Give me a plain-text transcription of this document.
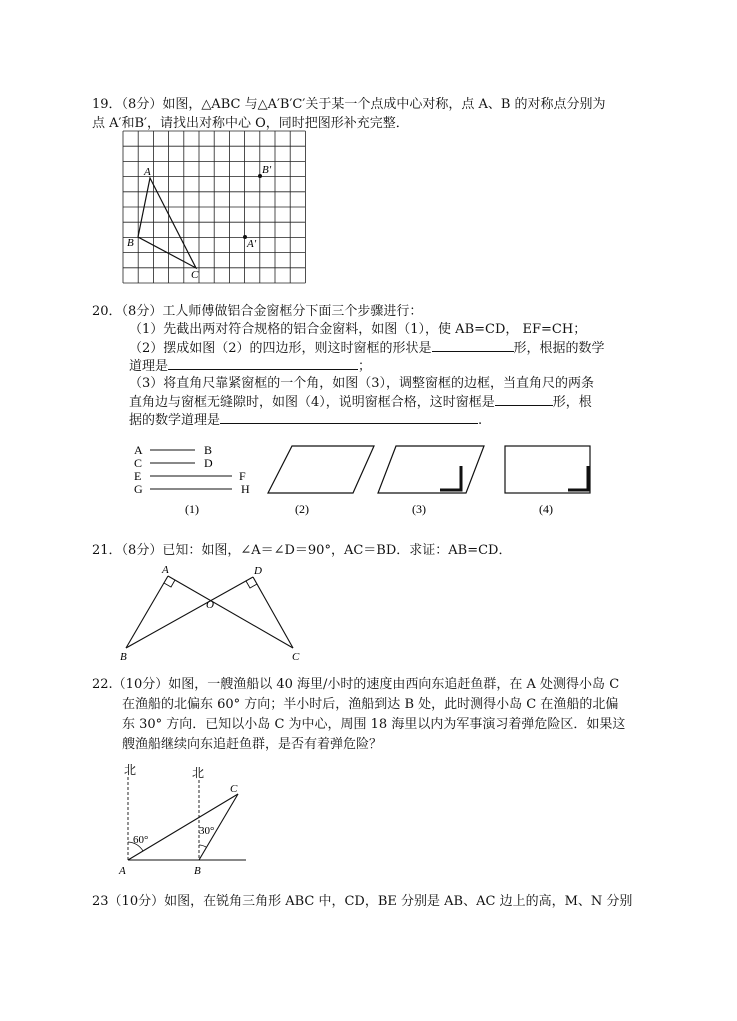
19．（8分）如图，△ABC 与△A′B′C′关于某一个点成中心对称，点 A、B 的对称点分别为
点 A′和B′，请找出对称中心 O，同时把图形补充完整．
A
B
C
B′
A′
20．（8分）工人师傅做铝合金窗框分下面三个步骤进行：
（1）先截出两对符合规格的铝合金窗料，如图（1），使 AB=CD， EF=CH；
（2）摆成如图（2）的四边形，则这时窗框的形状是	形，根据的数学
道理是	；
（3）将直角尺靠紧窗框的一个角，如图（3），调整窗框的边框，当直角尺的两条
直角边与窗框无缝隙时，如图（4），说明窗框合格，这时窗框是	形，根
据的数学道理是	.
A	B
C	D
E	F
G	H
(1)	(2)	(3)	(4)
21．（8分）已知：如图，∠A＝∠D＝90°，AC＝BD．求证：AB=CD．
A	D
O
B	C
22.（10分）如图，一艘渔船以 40 海里/小时的速度由西向东追赶鱼群，在 A 处测得小岛 C
在渔船的北偏东 60° 方向；半小时后，渔船到达 B 处，此时测得小岛 C 在渔船的北偏
东 30° 方向．已知以小岛 C 为中心，周围 18 海里以内为军事演习着弹危险区．如果这
艘渔船继续向东追赶鱼群，是否有着弹危险？
北	北
C
60°
30°
A	B
23（10分）如图，在锐角三角形 ABC 中，CD，BE 分别是 AB、AC 边上的高，M、N 分别
